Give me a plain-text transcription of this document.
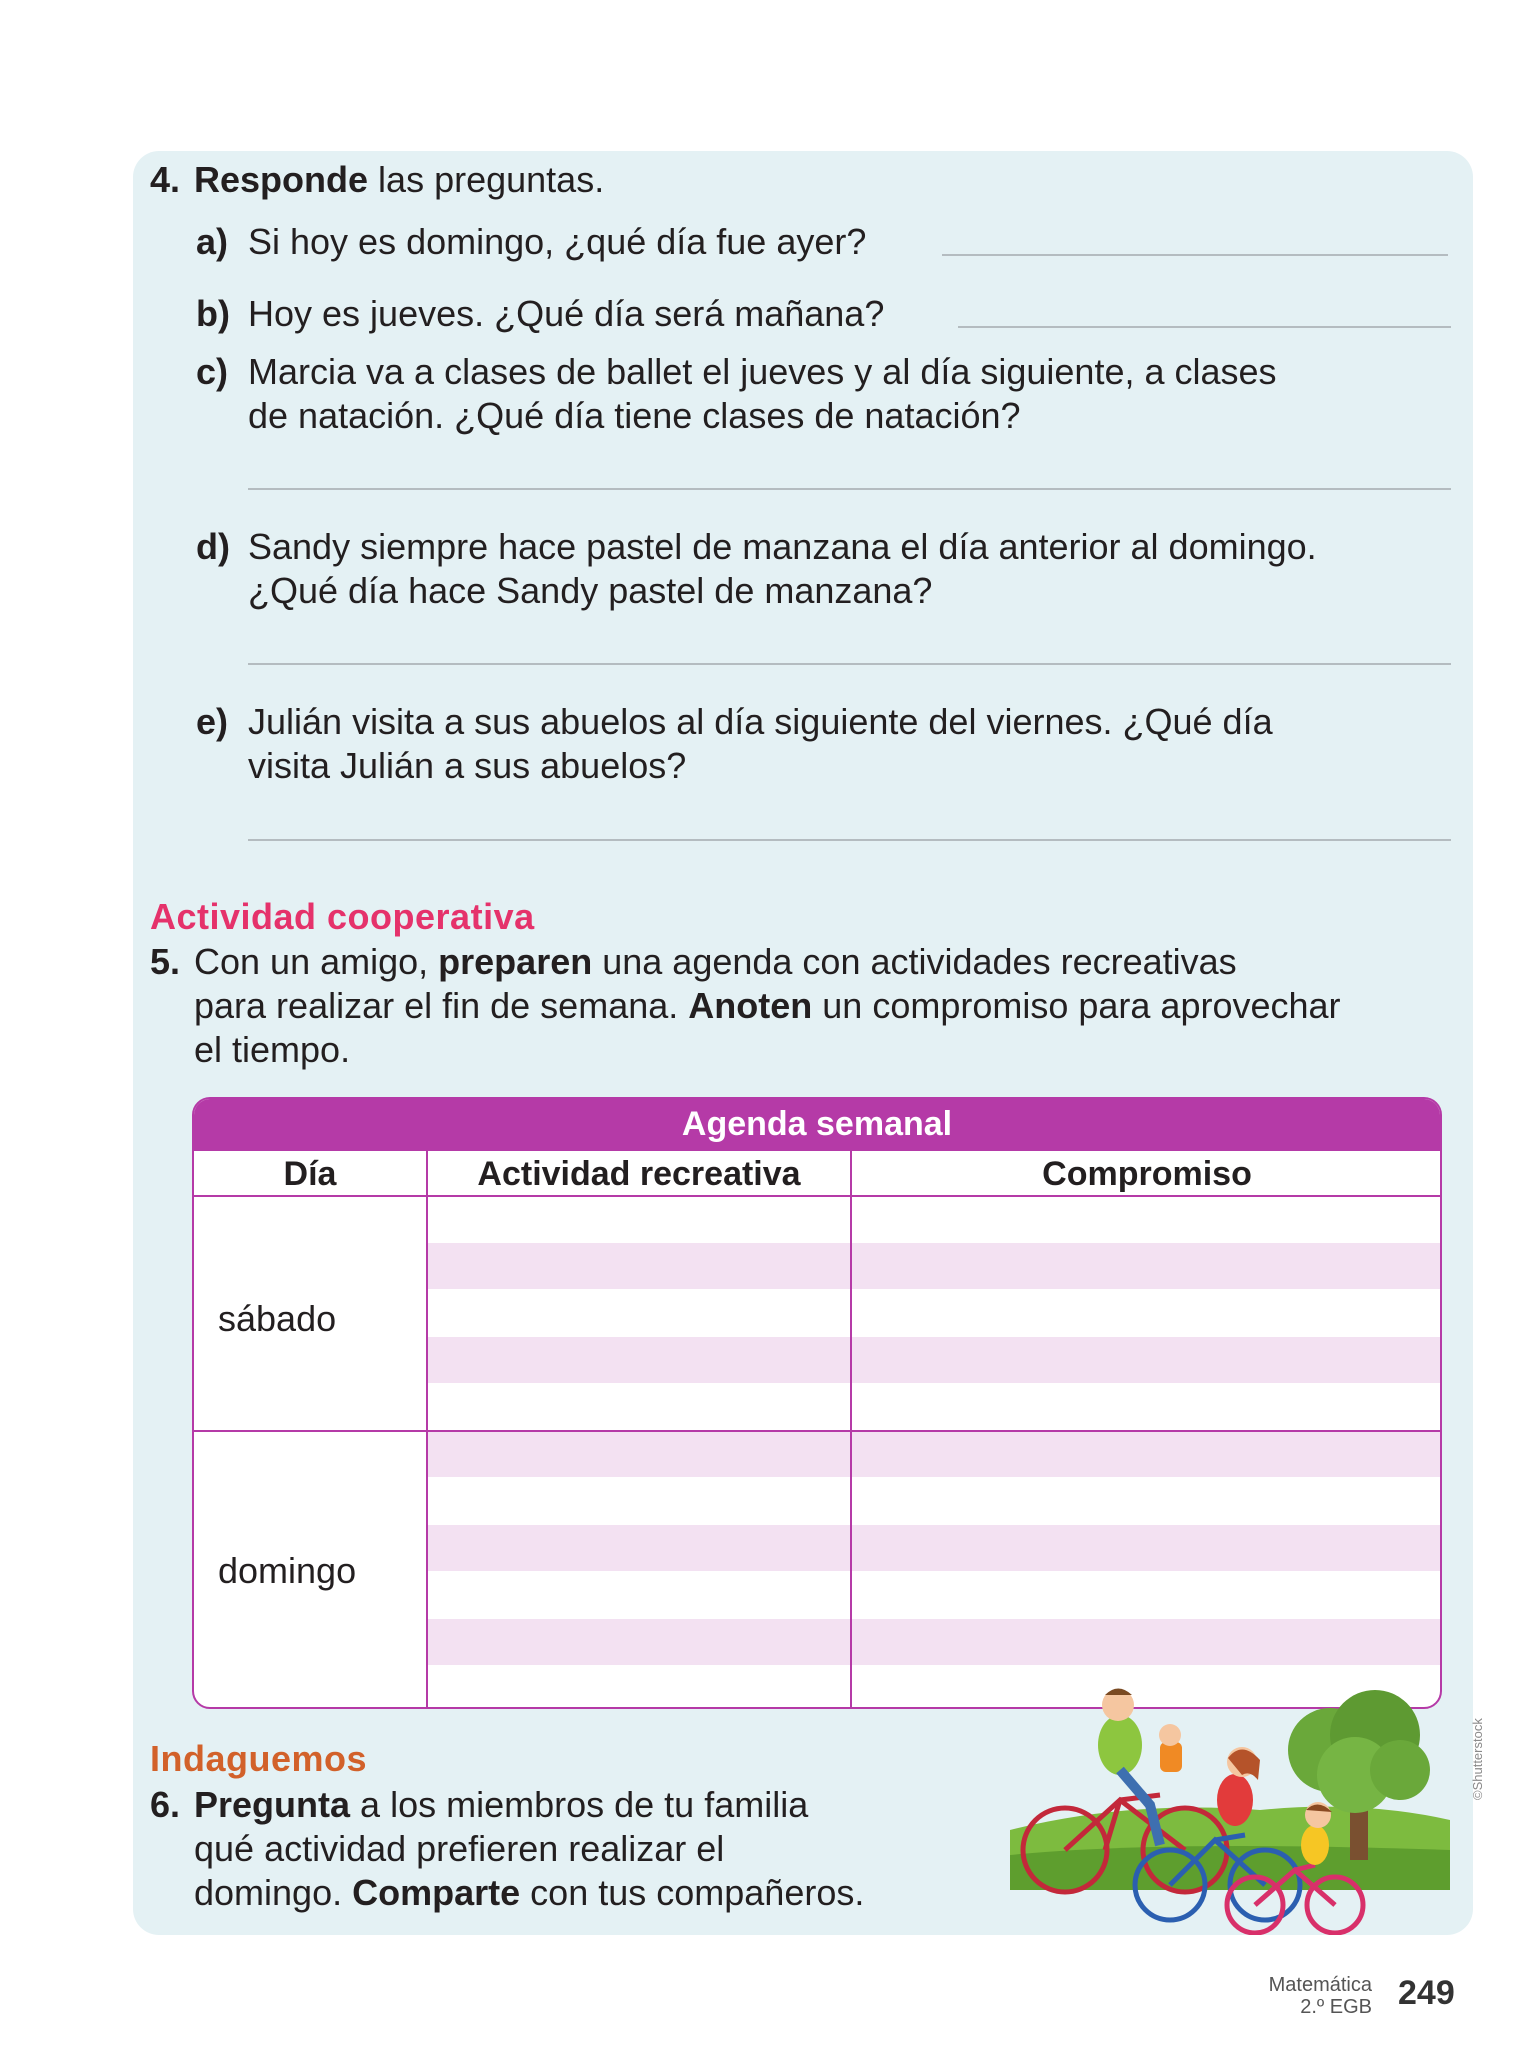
4. Responde las preguntas.
a) Si hoy es domingo, ¿qué día fue ayer?
b) Hoy es jueves. ¿Qué día será mañana?
c) Marcia va a clases de ballet el jueves y al día siguiente, a clases
de natación. ¿Qué día tiene clases de natación?
d) Sandy siempre hace pastel de manzana el día anterior al domingo.
¿Qué día hace Sandy pastel de manzana?
e) Julián visita a sus abuelos al día siguiente del viernes. ¿Qué día
visita Julián a sus abuelos?
Actividad cooperativa
5. Con un amigo, preparen una agenda con actividades recreativas
para realizar el fin de semana. Anoten un compromiso para aprovechar
el tiempo.
Agenda semanal
Día	Actividad recreativa	Compromiso
sábado
domingo
Indaguemos
6. Pregunta a los miembros de tu familia
qué actividad prefieren realizar el
domingo. Comparte con tus compañeros.
©Shutterstock
Matemática
2.º EGB 249
